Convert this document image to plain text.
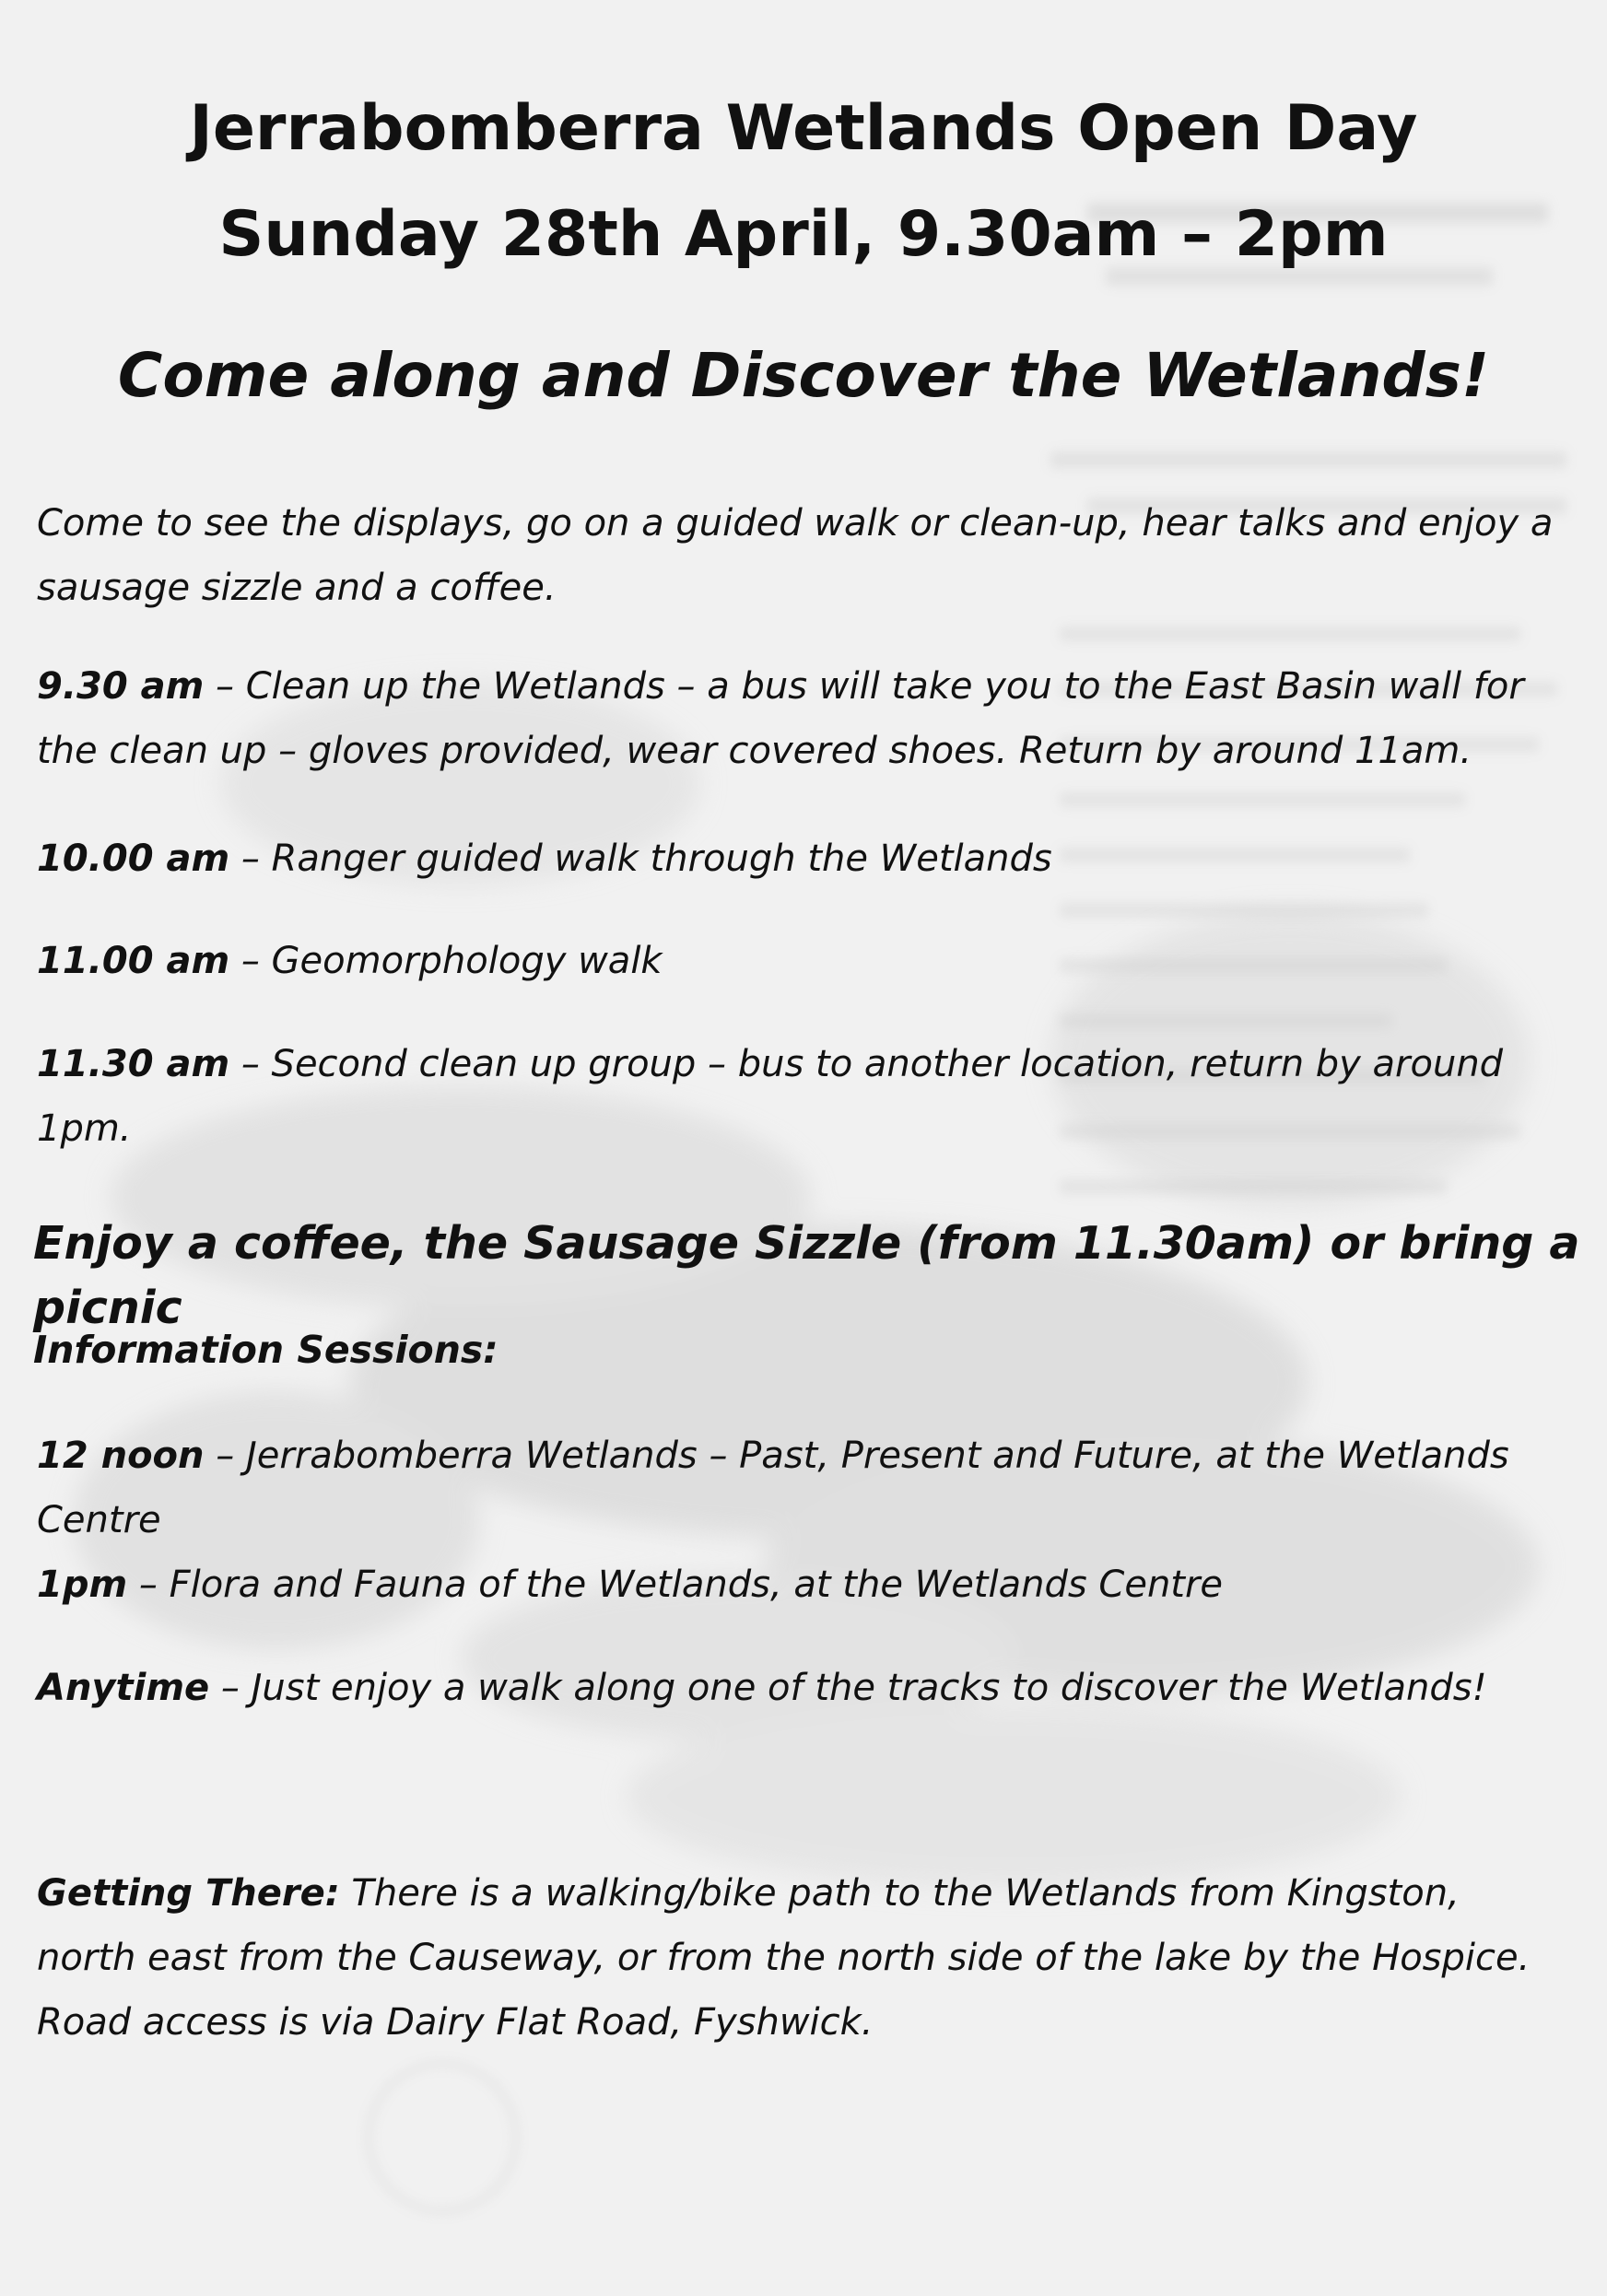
Jerrabomberra Wetlands Open Day
Sunday 28th April, 9.30am – 2pm
Come along and Discover the Wetlands!

Come to see the displays, go on a guided walk or clean-up, hear talks and enjoy a sausage sizzle and a coffee.

9.30 am – Clean up the Wetlands – a bus will take you to the East Basin wall for the clean up – gloves provided, wear covered shoes. Return by around 11am.

10.00 am – Ranger guided walk through the Wetlands

11.00 am – Geomorphology walk

11.30 am – Second clean up group – bus to another location, return by around 1pm.

Enjoy a coffee, the Sausage Sizzle (from 11.30am) or bring a picnic

Information Sessions:

12 noon – Jerrabomberra Wetlands – Past, Present and Future, at the Wetlands Centre

1pm – Flora and Fauna of the Wetlands, at the Wetlands Centre

Anytime – Just enjoy a walk along one of the tracks to discover the Wetlands!

Getting There: There is a walking/bike path to the Wetlands from Kingston, north east from the Causeway, or from the north side of the lake by the Hospice. Road access is via Dairy Flat Road, Fyshwick.
